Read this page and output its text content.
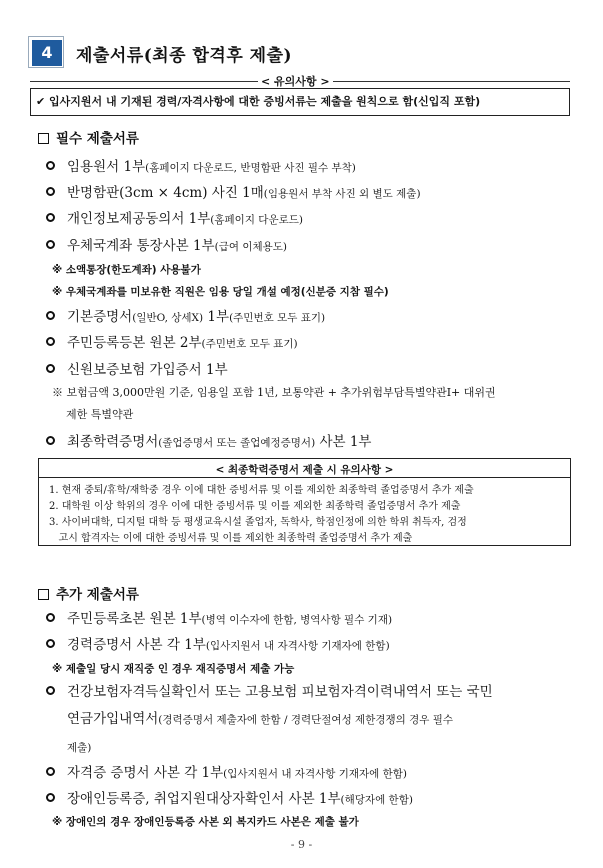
4	제출서류(최종 합격후 제출)
< 유의사항 >
✔ 입사지원서 내 기재된 경력/자격사항에 대한 증빙서류는 제출을 원칙으로 함(신입직 포함)
필수 제출서류
임용원서 1부(홈페이지 다운로드, 반명함판 사진 필수 부착)
반명함판(3cm × 4cm) 사진 1매(임용원서 부착 사진 외 별도 제출)
개인정보제공동의서 1부(홈페이지 다운로드)
우체국계좌 통장사본 1부(급여 이체용도)
※ 소액통장(한도계좌) 사용불가
※ 우체국계좌를 미보유한 직원은 임용 당일 개설 예정(신분증 지참 필수)
기본증명서(일반O, 상세X) 1부(주민번호 모두 표기)
주민등록등본 원본 2부(주민번호 모두 표기)
신원보증보험 가입증서 1부
※ 보험금액 3,000만원 기준, 임용일 포함 1년, 보통약관 + 추가위험부담특별약관Ⅰ+ 대위권
제한 특별약관
최종학력증명서(졸업증명서 또는 졸업예정증명서) 사본 1부
< 최종학력증명서 제출 시 유의사항 >
1. 현재 중퇴/휴학/재학중 경우 이에 대한 증빙서류 및 이를 제외한 최종학력 졸업증명서 추가 제출
2. 대학원 이상 학위의 경우 이에 대한 증빙서류 및 이를 제외한 최종학력 졸업증명서 추가 제출
3. 사이버대학, 디지털 대학 등 평생교육시설 졸업자, 독학사, 학점인정에 의한 학위 취득자, 검정
고시 합격자는 이에 대한 증빙서류 및 이를 제외한 최종학력 졸업증명서 추가 제출
추가 제출서류
주민등록초본 원본 1부(병역 이수자에 한함, 병역사항 필수 기재)
경력증명서 사본 각 1부(입사지원서 내 자격사항 기재자에 한함)
※ 제출일 당시 재직중 인 경우 재직증명서 제출 가능
건강보험자격득실확인서 또는 고용보험 피보험자격이력내역서 또는 국민
연금가입내역서(경력증명서 제출자에 한함 / 경력단절여성 제한경쟁의 경우 필수
제출)
자격증 증명서 사본 각 1부(입사지원서 내 자격사항 기재자에 한함)
장애인등록증, 취업지원대상자확인서 사본 1부(해당자에 한함)
※ 장애인의 경우 장애인등록증 사본 외 복지카드 사본은 제출 불가
- 9 -
